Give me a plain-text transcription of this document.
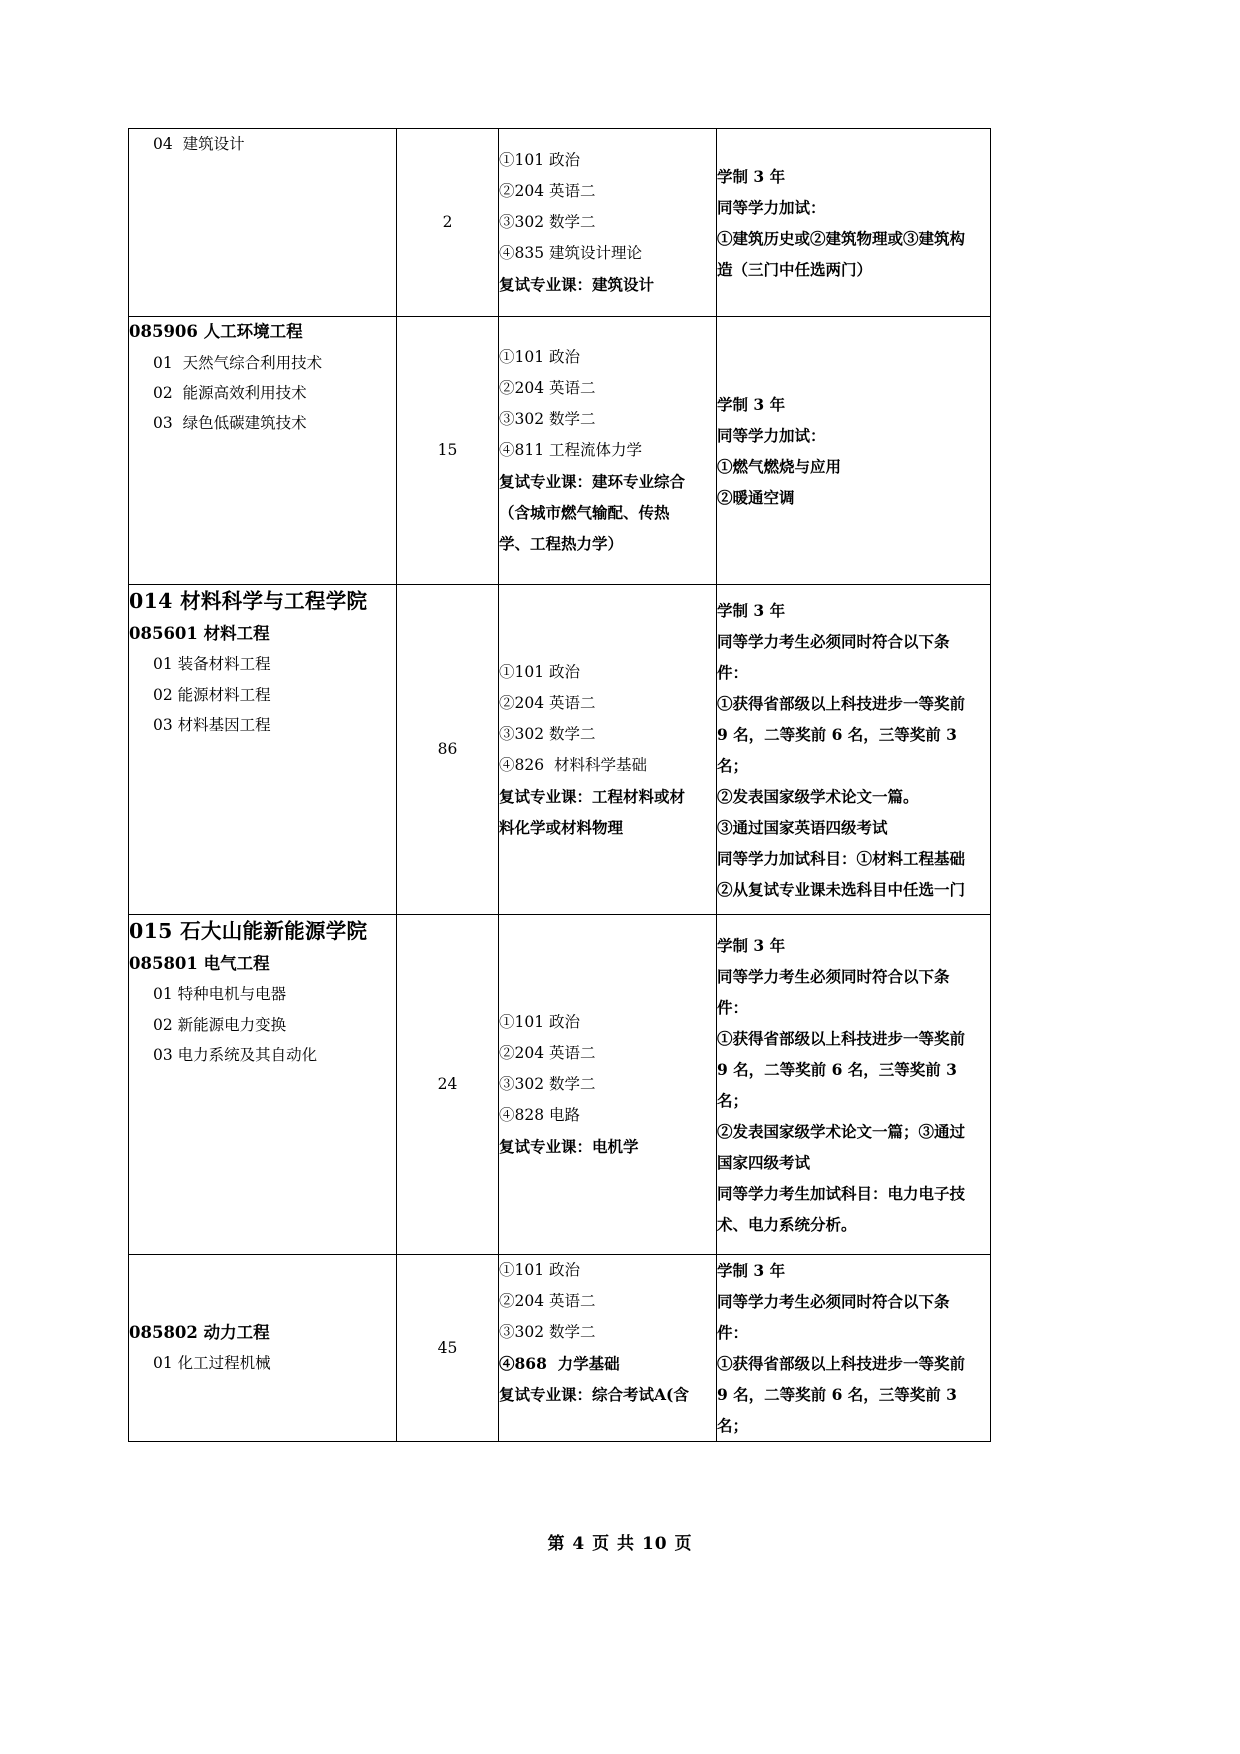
04  建筑设计
	2	
①101 政治
②204 英语二
③302 数学二
④835 建筑设计理论
复试专业课：建筑设计

学制 3 年
同等学力加试：
①建筑历史或②建筑物理或③建筑构
造（三门中任选两门）

085906 人工环境工程
01  天然气综合利用技术
02  能源高效利用技术
03  绿色低碳建筑技术
	15	
①101 政治
②204 英语二
③302 数学二
④811 工程流体力学
复试专业课：建环专业综合
（含城市燃气输配、传热
学、工程热力学）

学制 3 年
同等学力加试：
①燃气燃烧与应用
②暖通空调

014 材料科学与工程学院
085601 材料工程
01 装备材料工程
02 能源材料工程
03 材料基因工程
	86	
①101 政治
②204 英语二
③302 数学二
④826  材料科学基础
复试专业课：工程材料或材
料化学或材料物理

学制 3 年
同等学力考生必须同时符合以下条
件：
①获得省部级以上科技进步一等奖前
9 名，二等奖前 6 名，三等奖前 3 名；
②发表国家级学术论文一篇。
③通过国家英语四级考试
同等学力加试科目：①材料工程基础
②从复试专业课未选科目中任选一门

015 石大山能新能源学院
085801 电气工程
01 特种电机与电器
02 新能源电力变换
03 电力系统及其自动化
	24	
①101 政治
②204 英语二
③302 数学二
④828 电路
复试专业课：电机学

学制 3 年
同等学力考生必须同时符合以下条
件：
①获得省部级以上科技进步一等奖前
9 名，二等奖前 6 名，三等奖前 3 名；
②发表国家级学术论文一篇；③通过
国家四级考试
同等学力考生加试科目：电力电子技
术、电力系统分析。

085802 动力工程
01 化工过程机械
	45	
①101 政治
②204 英语二
③302 数学二
④868  力学基础
复试专业课：综合考试A(含

学制 3 年
同等学力考生必须同时符合以下条
件：
①获得省部级以上科技进步一等奖前
9 名，二等奖前 6 名，三等奖前 3 名；
第 4 页 共 10 页
